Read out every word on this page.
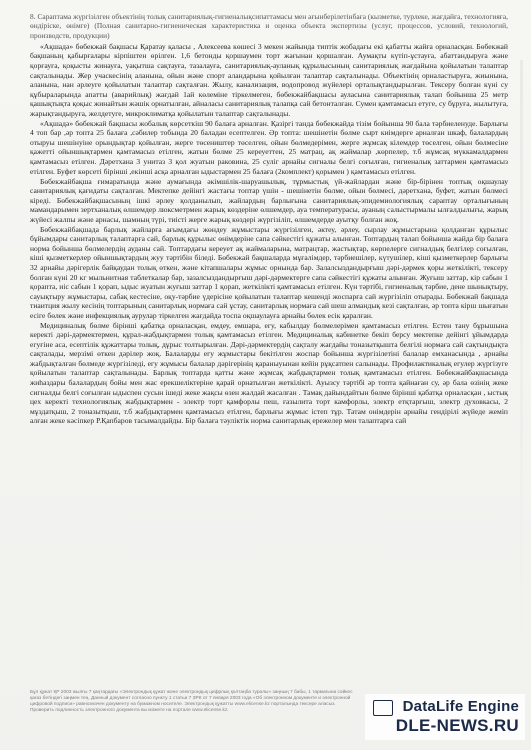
8. Сараптама жүргізілген объектінің толық санитариялық-гигиеналықсипаттамасы мен ағынберілетінбаға (кызметке, турлеке, жағдайға, технологияға, өндіріске, өнімге) (Полная санитарно-гигиеническая характеристика и оценка объекта экспертизы (услуг, процессов, условий, технологий, производств, продукции)

«Ақшадә» бөбекжай бақшасы Қаратау қаласы , Алексеева көшесі 3 мекен жайында типтік жобадағы екі қабатты жайға орналасқан. Бөбекжай бақшаның қабырғалары кірпіштен өрілген. 1,6 бетонды қоршаумен торт жағынан қоршалған. Аумақты күтіп-ұстауға, абаттандыруға және қорғауға, қоқысты жинауға, уақытша сақтауға, тазалауға, санитариялық-ауланық құрылысының санитариялық жағдайына қойылатын талаптар сақталынады. Жер учаскесінің аланына, ойын және спорт аландарына қойылған талаптар сақталынады. Объектінің орналастыруға, жиынына, аланына, нан əрлеуге қойылатын талаптар сақталған. Жылу, канализация, водопровод жүйелері орталықтандырылған. Тексеру болған күні су құбыраларында апатты (аварийлық) жағдай 1ай көлеміне тіркелмеген, бөбекжайбақшасы ауласына санитариялық талап бойынша 25 метр қашықтықта қоқыс жинайтын жәшік орнатылған, айналасы санитариялық талапқа сай бетонталған. Сумен қамтамасыз етуге, су бұруға, жылытуға, жарықтандыруға, желдетуге, микроклиматқа қойылатын талаптар сақталынады.

«Ақшадә» бөбекжай бақшасы жобалық көрсеткіш 90 балаға арналған. Қазіргі танда бөбекжайда тізім бойынша 90 бала тәрбиеленуде. Барлығы 4 топ бар ,әр топта 25 балаға ,сәбилер тобында 20 баладан есептелген. Әр топта: шешінетін бөлме сырт киімдерге арналған шкаф, балалардың отыруы шешінуіне орындықтар қойылған, жерге төсеништер төселген, ойын бөлмедерімен, жерге жұмсақ кілемдер төселген, ойын бөлмесіне қажетті ойыншықтармен қамтамасыз етілген, жатын бөлме 25 кереуеттен, 25 матрац, ақ жаймалар ,көрпелер, т.б жұмсақ мүккамалдармен қамтамасыз етілген. Дәретхана 3 унитаз 3 қол жуатын раковина, 25 суліг арнайы сигналы белгі соғылған, гигиеналық заттармен қамтамасыз етілген. Буфет көрсеті бірінші ,екінші асқа арналған ыдыстармен 25 балаға (2комплект) қорымен ) қамтамасыз етілген.

Бөбекжайбақша ғимаратында және аумағында әкімшілік-шаруашылық, тұрмыстық үй-жайлардан және бір-бірінен топтық оқшаулау санитариялық қағидаты сақталған. Мектепке дейінгі жастағы топтар үшін - шешінетін бөлме, ойын бөлмесі, дәретхана, буфет, жатын бөлмесі кіреді. Бөбекжайбақшасының ішкі әрлеу қолданылып, жайлардың барлығына санитариялық-эпидемиологиялық сараптау орталығының мамандарымен зертханалық өлшемдер люксметрмен жарық көздеріне өлшемдер, ауа температурасы, ауаның салыстырмалы ылғалдылығы, жарық жүйесі жалпы және арнасы, шамның түрі, тиісті жерге жарық көздері жүргізіліп, өлшемдерде ауытқу болған жоқ.

Бөбекжайбақшада барлық жайларға ағымдағы жөндеу жұмыстары жүргізілген, əктеу, əрлеу, сырлау жұмыстарына қолданған құрылыс бұйымдары санитарлық талаптарға сай, барлық құрылыс өнімдеріне сапа сәйкестігі құжаты алынған. Топтардың талап бойынша жайда бір балаға норма бойынша бөлмелердің ауданы сай. Топтардағы кереует ақ жаймаларына, матрацтар, жастықтар, көрпелерге сигналдық белгілер соғылған, кіші қызметкерлер ойыншықтардың жуу тәртібін біледі. Бөбекжай бақшаларда мұғалімдер, тәрбиешілер, күтушілер, кіші қызметкерлер барлығы 32 арнайы дәрігерлік байқаудан толық өткен, және кітапшалары жұмыс орнында бар. Залалсыздандырғыш дәрі-дәрмек қоры жеткілікті, тексеру болған күні 20 кг мыльнитная таблеткалар бар, зазалсыздандырғыш дәрі-дәрмектерге сапа сәйкестігі құжаты алынған. Жуғыш заттар, кір сабын 1 қорапта, иіс сабын 1 қорап, ыдыс жуатын жуғыш заттар 1 қорап, жеткілікті қамтамасыз етілген. Күн тәртібі, гигиеналық тәрбие, дене шынықтыру, сауықтыру жұмыстары, сабақ кестесіне, оқу-тәрбие үдерісіне қойылатын талаптар кешенді жоспарға сай жүргізіліп отырады. Бөбекжай бақшада тиаитция жылу кесінің топтарының санитарлық нормаға сай ұстау, санитарлық нормаға сай шеш алмандық кезі сақталған, әр топта кірш шығатын есіге бөлек және инфекциялық аурулар тіркелген жағдайда тоспа оқшаулауға арнайы бөлек есік қаралған.

Медициналық бөлме бірінші қабатқа орналасқан, емдеу, емшара, егу, кабылдау бөлмелерімен қамтамасыз етілген. Естен тану бұрышына керекті дәрі-дәрмектермен, құрал-жабдықтармен толық қамтамасыз етілген. Медициналық кабинетке бекіп берсу мектепке дейінгі ұйымдарда егуғіне аса, есептілік құжаттары толық, дұрыс толтырылған. Дәрі-дәрмектердің сақталу жағдайы тоназытқышта белгілі нормаға сай сақтындықта сақталады, мерзімі өткен дәрілер жоқ. Балаларды егу жұмыстары бекітілген жоспар бойынша жүргізілетіні балалар емханасында , арнайы жабдықталған бөлмеде жүргізіледі, егу жұмысы балалар дәрігерінің қараныуынан кейін рұқсатпен салынады. Профилактикалық егулер жүргізуге қойылатын талаптар сақталынады. Барлық топтарда қатты және жұмсақ жабдықтармен толық қамтамасыз етілген. Бөбекжайбақшасында жиhаздары балалардың бойы мен жас ерекшеліктеріне қарай орнатылған жеткілікті. Ауызсу тəртібі әр топта қайнаған су, әр бала өзінің жеке сигналды белгі соғылған ыдыспен сусын ішеді жеке жақсы өзен жалдай жасалған . Тамақ дайындайтын бөлме бірінші қабатқа орналасқан , ыстық цех керекті технологиялық жабдықтармен - электр торт қамфорлы пеш, ғазылита торт камфорлы, электр етқтарғыш, электр духовкасы, 2 мұздатқыш, 2 тоназытқыш, т.б жабдықтармен қамтамасыз етілген, барлығы жұмыс істеп тұр. Татам онімдерін арнайы гендірілі жүйеде жеміп алған жеке кәсіпкер Р.Қапбаров тасымалдайды. Бір балаға тәуліктік норма санитарлық ережелер мен талаптарға сай

Бұл құжат ҚР 2003 жылғы 7 қаңтардағы «Электрондық құжат және электрондық цифрлық қолтаңба туралы» заңның 7 бабы, 1 тармағына сәйкес қағаз бетіндегі заңмен тең. Данный документ согласно пункту 1 статьи 7 ЗРК от 7 января 2003 года «Об электронном документе и электронной цифровой подписи» равнозначен документу на бумажном носителе. Электрондық құжатты www.elicense.kz порталында тексере аласыз. Проверить подлинность электронного документа вы можете на портале www.elicense.kz.	DataLife Engine
DLE-NEWS.RU
